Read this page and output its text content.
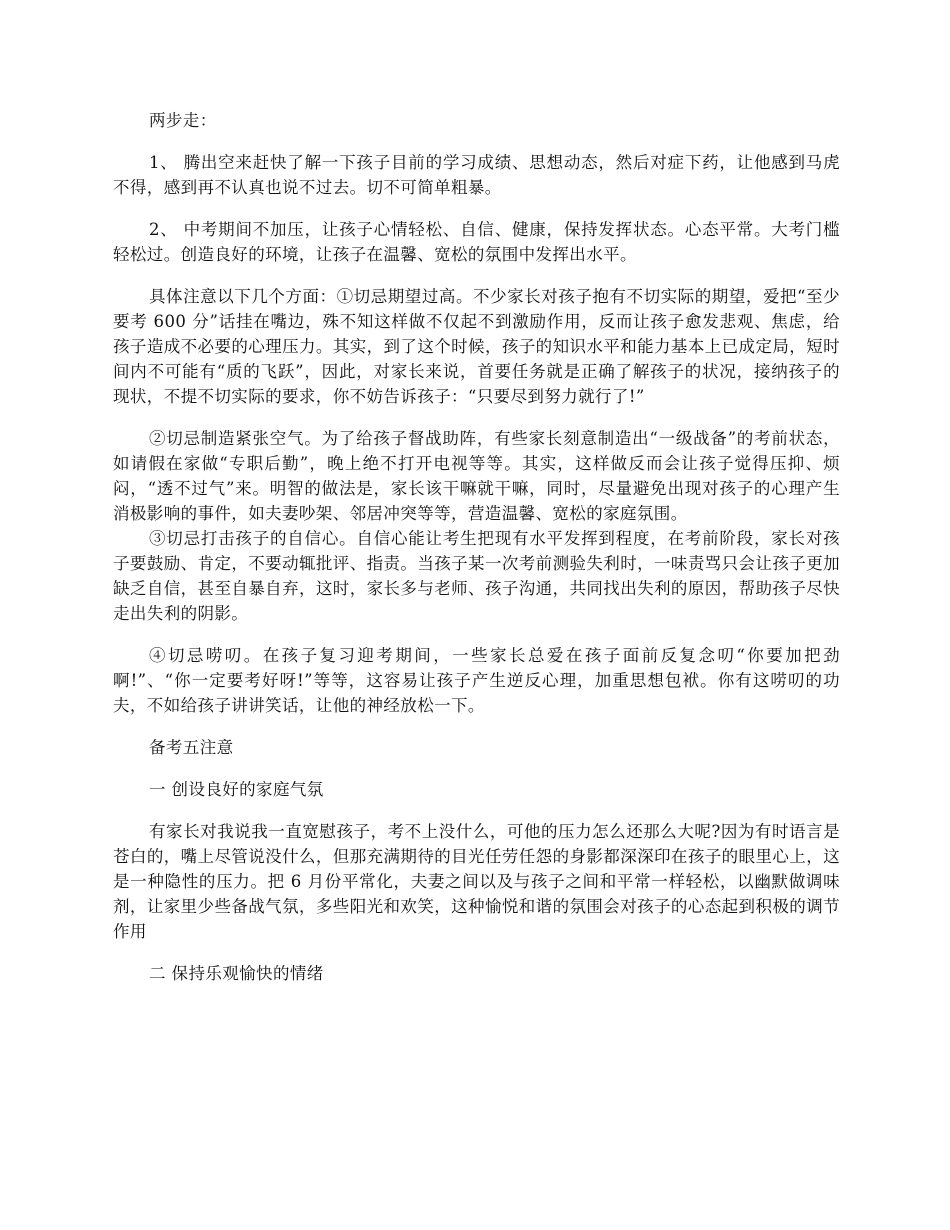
两步走：

1、 腾出空来赶快了解一下孩子目前的学习成绩、思想动态，然后对症下药，让他感到马虎不得，感到再不认真也说不过去。切不可简单粗暴。

2、 中考期间不加压，让孩子心情轻松、自信、健康，保持发挥状态。心态平常。大考门槛轻松过。创造良好的环境，让孩子在温馨、宽松的氛围中发挥出水平。

具体注意以下几个方面：①切忌期望过高。不少家长对孩子抱有不切实际的期望，爱把“至少要考 600 分”话挂在嘴边，殊不知这样做不仅起不到激励作用，反而让孩子愈发悲观、焦虑，给孩子造成不必要的心理压力。其实，到了这个时候，孩子的知识水平和能力基本上已成定局，短时间内不可能有“质的飞跃”，因此，对家长来说，首要任务就是正确了解孩子的状况，接纳孩子的现状，不提不切实际的要求，你不妨告诉孩子：“只要尽到努力就行了!”

②切忌制造紧张空气。为了给孩子督战助阵，有些家长刻意制造出“一级战备”的考前状态，如请假在家做“专职后勤”，晚上绝不打开电视等等。其实，这样做反而会让孩子觉得压抑、烦闷，“透不过气”来。明智的做法是，家长该干嘛就干嘛，同时，尽量避免出现对孩子的心理产生消极影响的事件，如夫妻吵架、邻居冲突等等，营造温馨、宽松的家庭氛围。

③切忌打击孩子的自信心。自信心能让考生把现有水平发挥到程度，在考前阶段，家长对孩子要鼓励、肯定，不要动辄批评、指责。当孩子某一次考前测验失利时，一味责骂只会让孩子更加缺乏自信，甚至自暴自弃，这时，家长多与老师、孩子沟通，共同找出失利的原因，帮助孩子尽快走出失利的阴影。

④切忌唠叨。在孩子复习迎考期间，一些家长总爱在孩子面前反复念叨“你要加把劲啊!”、“你一定要考好呀!”等等，这容易让孩子产生逆反心理，加重思想包袱。你有这唠叨的功夫，不如给孩子讲讲笑话，让他的神经放松一下。

备考五注意

一 创设良好的家庭气氛

有家长对我说我一直宽慰孩子，考不上没什么，可他的压力怎么还那么大呢?因为有时语言是苍白的，嘴上尽管说没什么，但那充满期待的目光任劳任怨的身影都深深印在孩子的眼里心上，这是一种隐性的压力。把 6 月份平常化，夫妻之间以及与孩子之间和平常一样轻松，以幽默做调味剂，让家里少些备战气氛，多些阳光和欢笑，这种愉悦和谐的氛围会对孩子的心态起到积极的调节作用

二 保持乐观愉快的情绪
